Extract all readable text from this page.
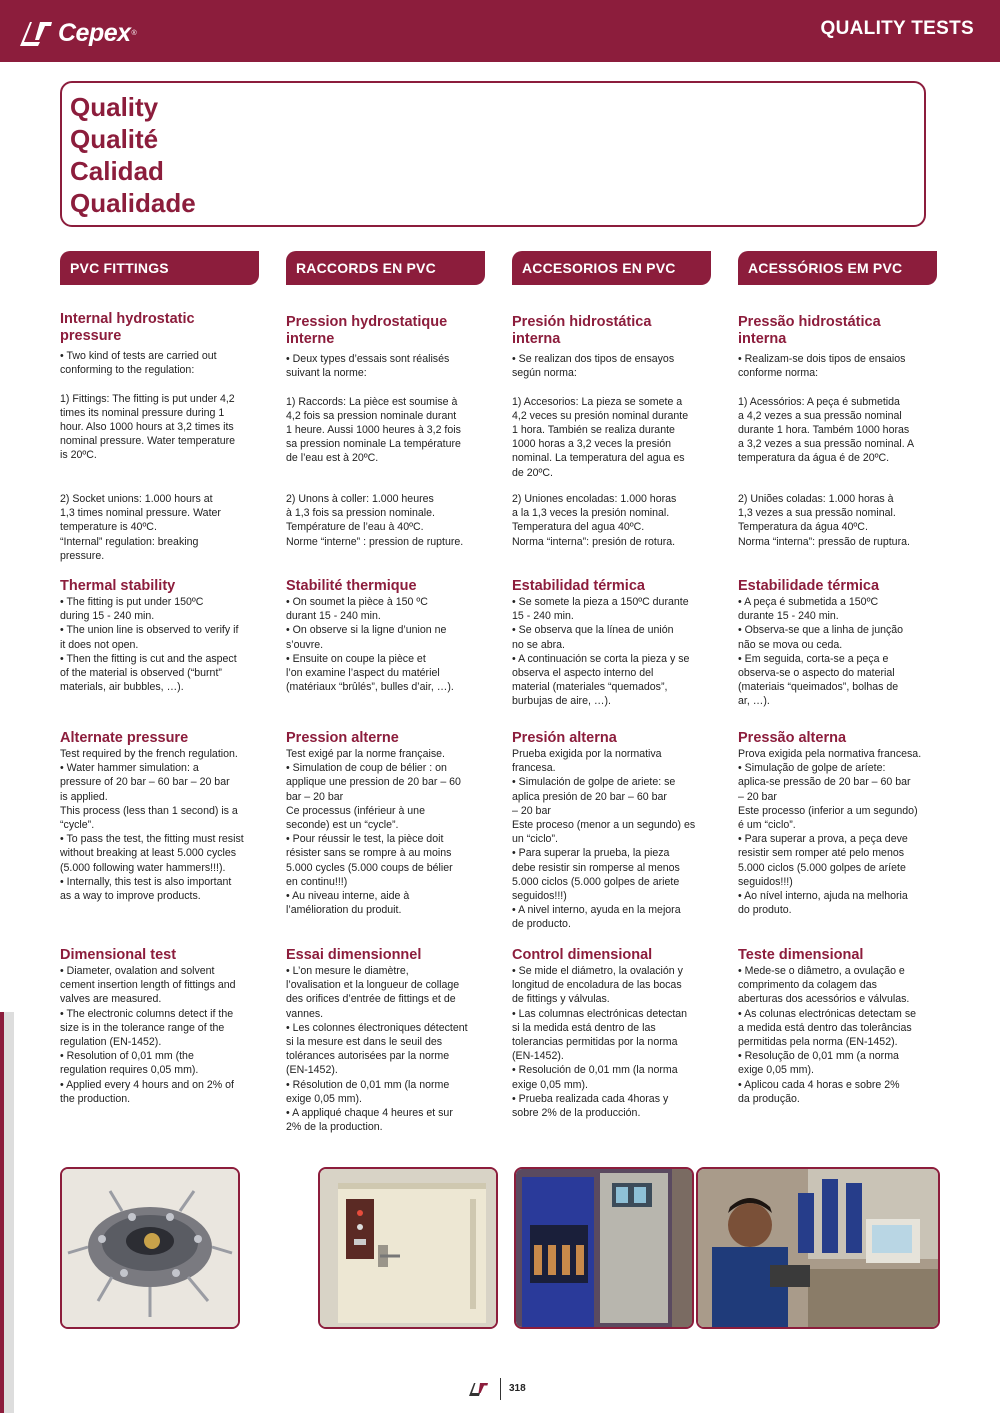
Cepex ®	QUALITY TESTS

Quality

Qualité

Calidad

Qualidade

PVC FITTINGS	RACCORDS EN PVC	ACCESORIOS EN PVC	ACESSÓRIOS EM PVC

Internal hydrostatic
pressure

• Two kind of tests are carried out
conforming to the regulation:

1) Fittings: The fitting is put under 4,2
times its nominal pressure during 1
hour. Also 1000 hours at 3,2 times its
nominal pressure. Water temperature
is 20ºC.

2) Socket unions: 1.000 hours at
1,3 times nominal pressure. Water
temperature is 40ºC.
“Internal” regulation: breaking
pressure.

Thermal stability

• The fitting is put under 150ºC
during 15 - 240 min.
• The union line is observed to verify if
it does not open.
• Then the fitting is cut and the aspect
of the material is observed (“burnt”
materials, air bubbles, …).

Alternate pressure

Test required by the french regulation.
• Water hammer simulation: a
pressure of 20 bar – 60 bar – 20 bar
is applied.
This process (less than 1 second) is a
“cycle”.
• To pass the test, the fitting must resist
without breaking at least 5.000 cycles
(5.000 following water hammers!!!).
• Internally, this test is also important
as a way to improve products.

Dimensional test

• Diameter, ovalation and solvent
cement insertion length of fittings and
valves are measured.
• The electronic columns detect if the
size is in the tolerance range of the
regulation (EN-1452).
• Resolution of 0,01 mm (the
regulation requires 0,05 mm).
• Applied every 4 hours and on 2% of
the production.

Pression hydrostatique
interne

• Deux types d’essais sont réalisés
suivant la norme:

1) Raccords: La pièce est soumise à
4,2 fois sa pression nominale durant
1 heure. Aussi 1000 heures à 3,2 fois
sa pression nominale La température
de l’eau est à 20ºC.

2) Unons à coller: 1.000 heures
à 1,3 fois sa pression nominale.
Température de l’eau à 40ºC.
Norme “interne” : pression de rupture.

Stabilité thermique

• On soumet la pièce à 150 ºC
durant 15 - 240 min.
• On observe si la ligne d’union ne
s’ouvre.
• Ensuite on coupe la pièce et
l’on examine l’aspect du matériel
(matériaux “brûlés”, bulles d’air, …).

Pression alterne

Test exigé par la norme française.
• Simulation de coup de bélier : on
applique une pression de 20 bar – 60
bar – 20 bar
Ce processus (inférieur à une
seconde) est un “cycle”.
• Pour réussir le test, la pièce doit
résister sans se rompre à au moins
5.000 cycles (5.000 coups de bélier
en continu!!!)
• Au niveau interne, aide à
l’amélioration du produit.

Essai dimensionnel

• L’on mesure le diamètre,
l’ovalisation et la longueur de collage
des orifices d’entrée de fittings et de
vannes.
• Les colonnes électroniques détectent
si la mesure est dans le seuil des
tolérances autorisées par la norme
(EN-1452).
• Résolution de 0,01 mm (la norme
exige 0,05 mm).
• A appliqué chaque 4 heures et sur
2% de la production.

Presión hidrostática
interna

• Se realizan dos tipos de ensayos
según norma:

1) Accesorios: La pieza se somete a
4,2 veces su presión nominal durante
1 hora. También se realiza durante
1000 horas a 3,2 veces la presión
nominal. La temperatura del agua es
de 20ºC.

2) Uniones encoladas: 1.000 horas
a la 1,3 veces la presión nominal.
Temperatura del agua 40ºC.
Norma “interna”: presión de rotura.

Estabilidad térmica

• Se somete la pieza a 150ºC durante
15 - 240 min.
• Se observa que la línea de unión
no se abra.
• A continuación se corta la pieza y se
observa el aspecto interno del
material (materiales “quemados”,
burbujas de aire, …).

Presión alterna

Prueba exigida por la normativa
francesa.
• Simulación de golpe de ariete: se
aplica presión de 20 bar – 60 bar
– 20 bar
Este proceso (menor a un segundo) es
un “ciclo”.
• Para superar la prueba, la pieza
debe resistir sin romperse al menos
5.000 ciclos (5.000 golpes de ariete
seguidos!!!)
• A nivel interno, ayuda en la mejora
de producto.

Control dimensional

• Se mide el diámetro, la ovalación y
longitud de encoladura de las bocas
de fittings y válvulas.
• Las columnas electrónicas detectan
si la medida está dentro de las
tolerancias permitidas por la norma
(EN-1452).
• Resolución de 0,01 mm (la norma
exige 0,05 mm).
• Prueba realizada cada 4horas y
sobre 2% de la producción.

Pressão hidrostática
interna

• Realizam-se dois tipos de ensaios
conforme norma:

1) Acessórios: A peça é submetida
a 4,2 vezes a sua pressão nominal
durante 1 hora. Também 1000 horas
a 3,2 vezes a sua pressão nominal. A
temperatura da água é de 20ºC.

2) Uniões coladas: 1.000 horas à
1,3 vezes a sua pressão nominal.
Temperatura da água 40ºC.
Norma “interna”: pressão de ruptura.

Estabilidade térmica

• A peça é submetida a 150ºC
durante 15 - 240 min.
• Observa-se que a linha de junção
não se mova ou ceda.
• Em seguida, corta-se a peça e
observa-se o aspecto do material
(materiais “queimados”, bolhas de
ar, …).

Pressão alterna

Prova exigida pela normativa francesa.
• Simulação de golpe de aríete:
aplica-se pressão de 20 bar – 60 bar
– 20 bar
Este processo (inferior a um segundo)
é um “ciclo”.
• Para superar a prova, a peça deve
resistir sem romper até pelo menos
5.000 ciclos (5.000 golpes de aríete
seguidos!!!)
• Ao nível interno, ajuda na melhoria
do produto.

Teste dimensional

• Mede-se o diâmetro, a ovulação e
comprimento da colagem das
aberturas dos acessórios e válvulas.
• As colunas electrónicas detectam se
a medida está dentro das tolerâncias
permitidas pela norma (EN-1452).
• Resolução de 0,01 mm (a norma
exige 0,05 mm).
• Aplicou cada 4 horas e sobre 2%
da produção.

318
